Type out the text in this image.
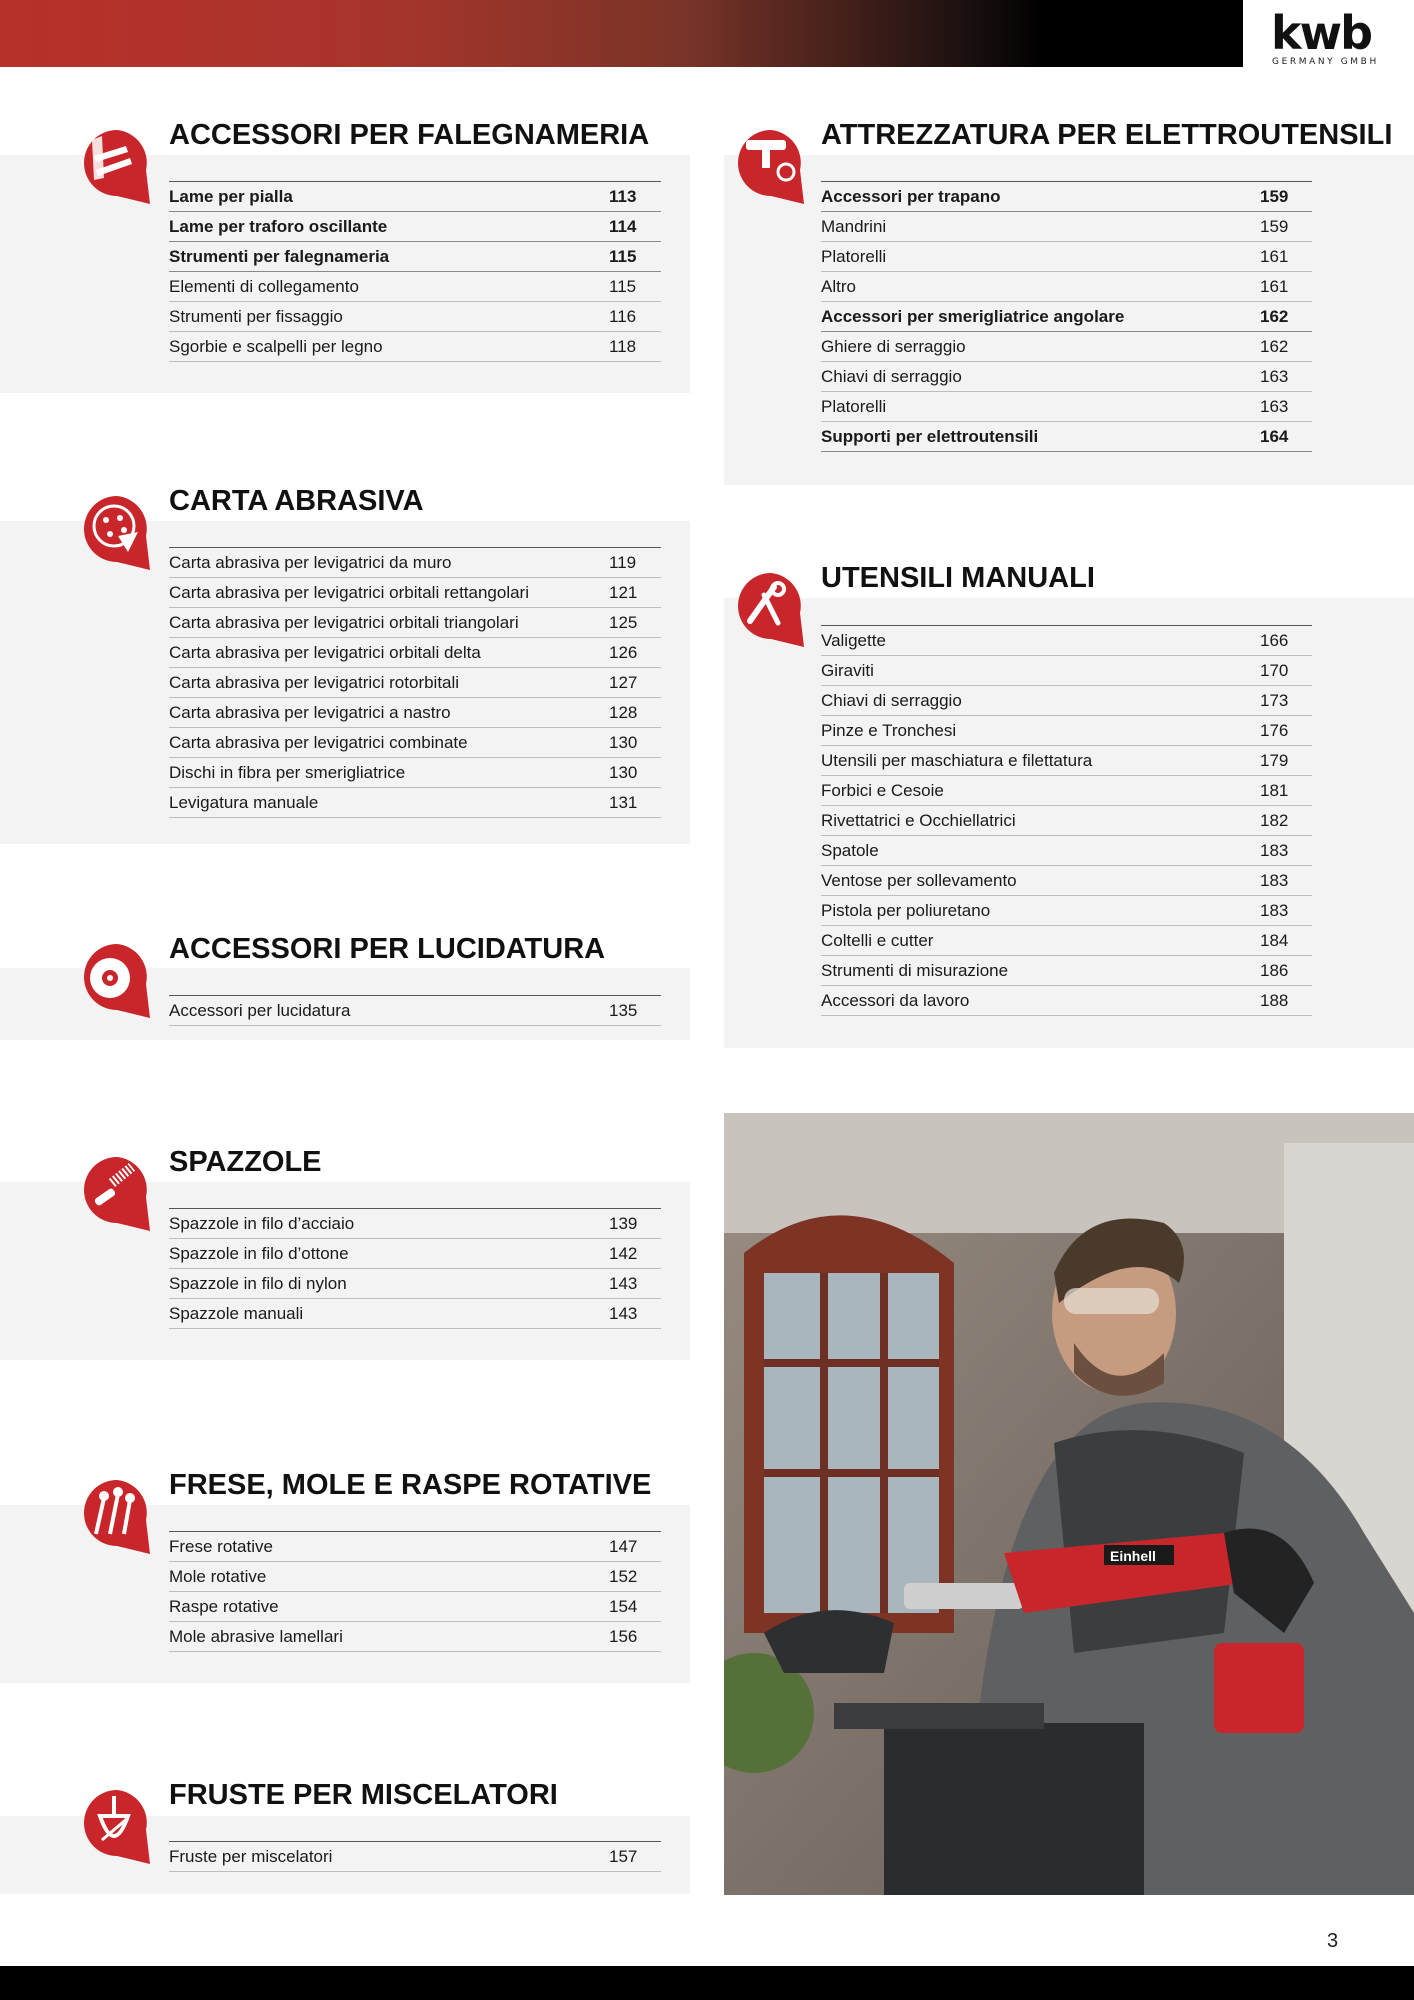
kwb
GERMANY GMBH
ACCESSORI PER FALEGNAMERIA
Lame per pialla	113
Lame per traforo oscillante	114
Strumenti per falegnameria	115
Elementi di collegamento	115
Strumenti per fissaggio	116
Sgorbie e scalpelli per legno	118
CARTA ABRASIVA
Carta abrasiva per levigatrici da muro	119
Carta abrasiva per levigatrici orbitali rettangolari	121
Carta abrasiva per levigatrici orbitali triangolari	125
Carta abrasiva per levigatrici orbitali delta	126
Carta abrasiva per levigatrici rotorbitali	127
Carta abrasiva per levigatrici a nastro	128
Carta abrasiva per levigatrici combinate	130
Dischi in fibra per smerigliatrice	130
Levigatura manuale	131
ACCESSORI PER LUCIDATURA
Accessori per lucidatura	135
SPAZZOLE
Spazzole in filo d’acciaio	139
Spazzole in filo d’ottone	142
Spazzole in filo di nylon	143
Spazzole manuali	143
FRESE, MOLE E RASPE ROTATIVE
Frese rotative	147
Mole rotative	152
Raspe rotative	154
Mole abrasive lamellari	156
FRUSTE PER MISCELATORI
Fruste per miscelatori	157
ATTREZZATURA PER ELETTROUTENSILI
Accessori per trapano	159
Mandrini	159
Platorelli	161
Altro	161
Accessori per smerigliatrice angolare	162
Ghiere di serraggio	162
Chiavi di serraggio	163
Platorelli	163
Supporti per elettroutensili	164
UTENSILI MANUALI
Valigette	166
Giraviti	170
Chiavi di serraggio	173
Pinze e Tronchesi	176
Utensili per maschiatura e filettatura	179
Forbici e Cesoie	181
Rivettatrici e Occhiellatrici	182
Spatole	183
Ventose per sollevamento	183
Pistola per poliuretano	183
Coltelli e cutter	184
Strumenti di misurazione	186
Accessori da lavoro	188
Einhell
3
